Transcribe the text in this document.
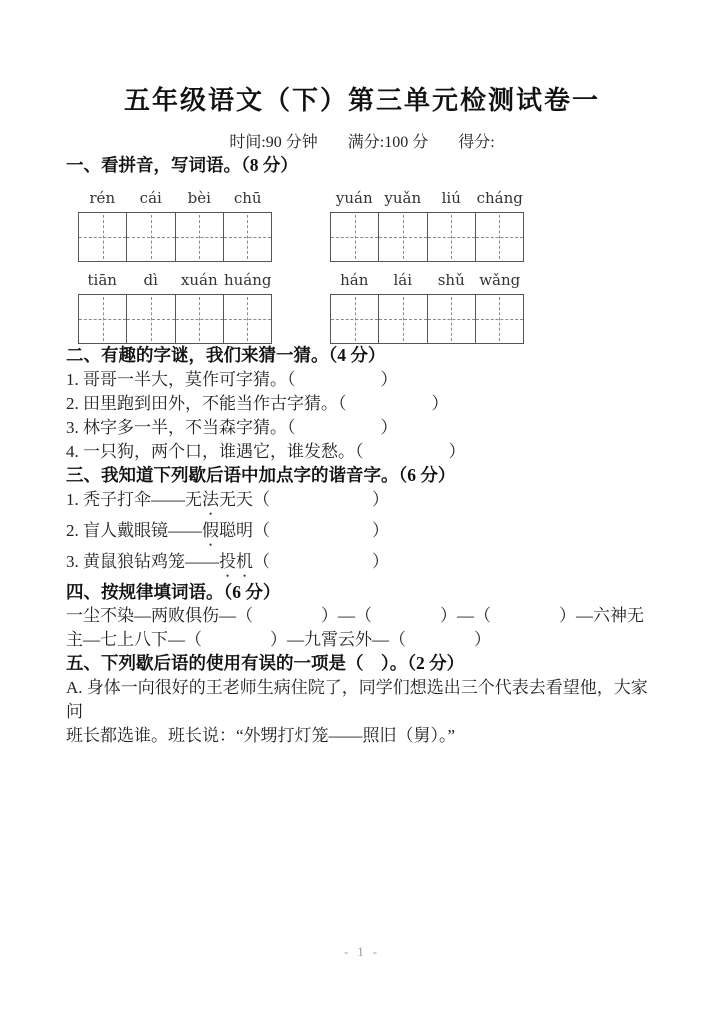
五年级语文（下）第三单元检测试卷一
时间:90 分钟 满分:100 分 得分:
一、看拼音，写词语。（8 分）
rén	cái	bèi	chū	yuán yuǎn	liú	cháng
tiān	dì	xuán huáng	hán	lái	shǔ wǎng
二、有趣的字谜，我们来猜一猜。（4 分）

1. 哥哥一半大，莫作可字猜。（　　　　　）

2. 田里跑到田外，不能当作古字猜。（　　　　　）

3. 林字多一半，不当森字猜。（　　　　　）

4. 一只狗，两个口，谁遇它，谁发愁。（　　　　　）

三、我知道下列歇后语中加点字的谐音字。（6 分）

1. 秃子打伞——无法无天（　　　　　　）

2. 盲人戴眼镜——假聪明（　　　　　　）

3. 黄鼠狼钻鸡笼——投机（　　　　　　）

四、按规律填词语。（6 分）

一尘不染—两败俱伤—（　　　　）—（　　　　）—（　　　　）—六神无

主—七上八下—（　　　　）—九霄云外—（　　　　）

五、下列歇后语的使用有误的一项是（　）。（2 分）

A. 身体一向很好的王老师生病住院了，同学们想选出三个代表去看望他，大家问

班长都选谁。班长说：“外甥打灯笼——照旧（舅）。”

- 1 -
